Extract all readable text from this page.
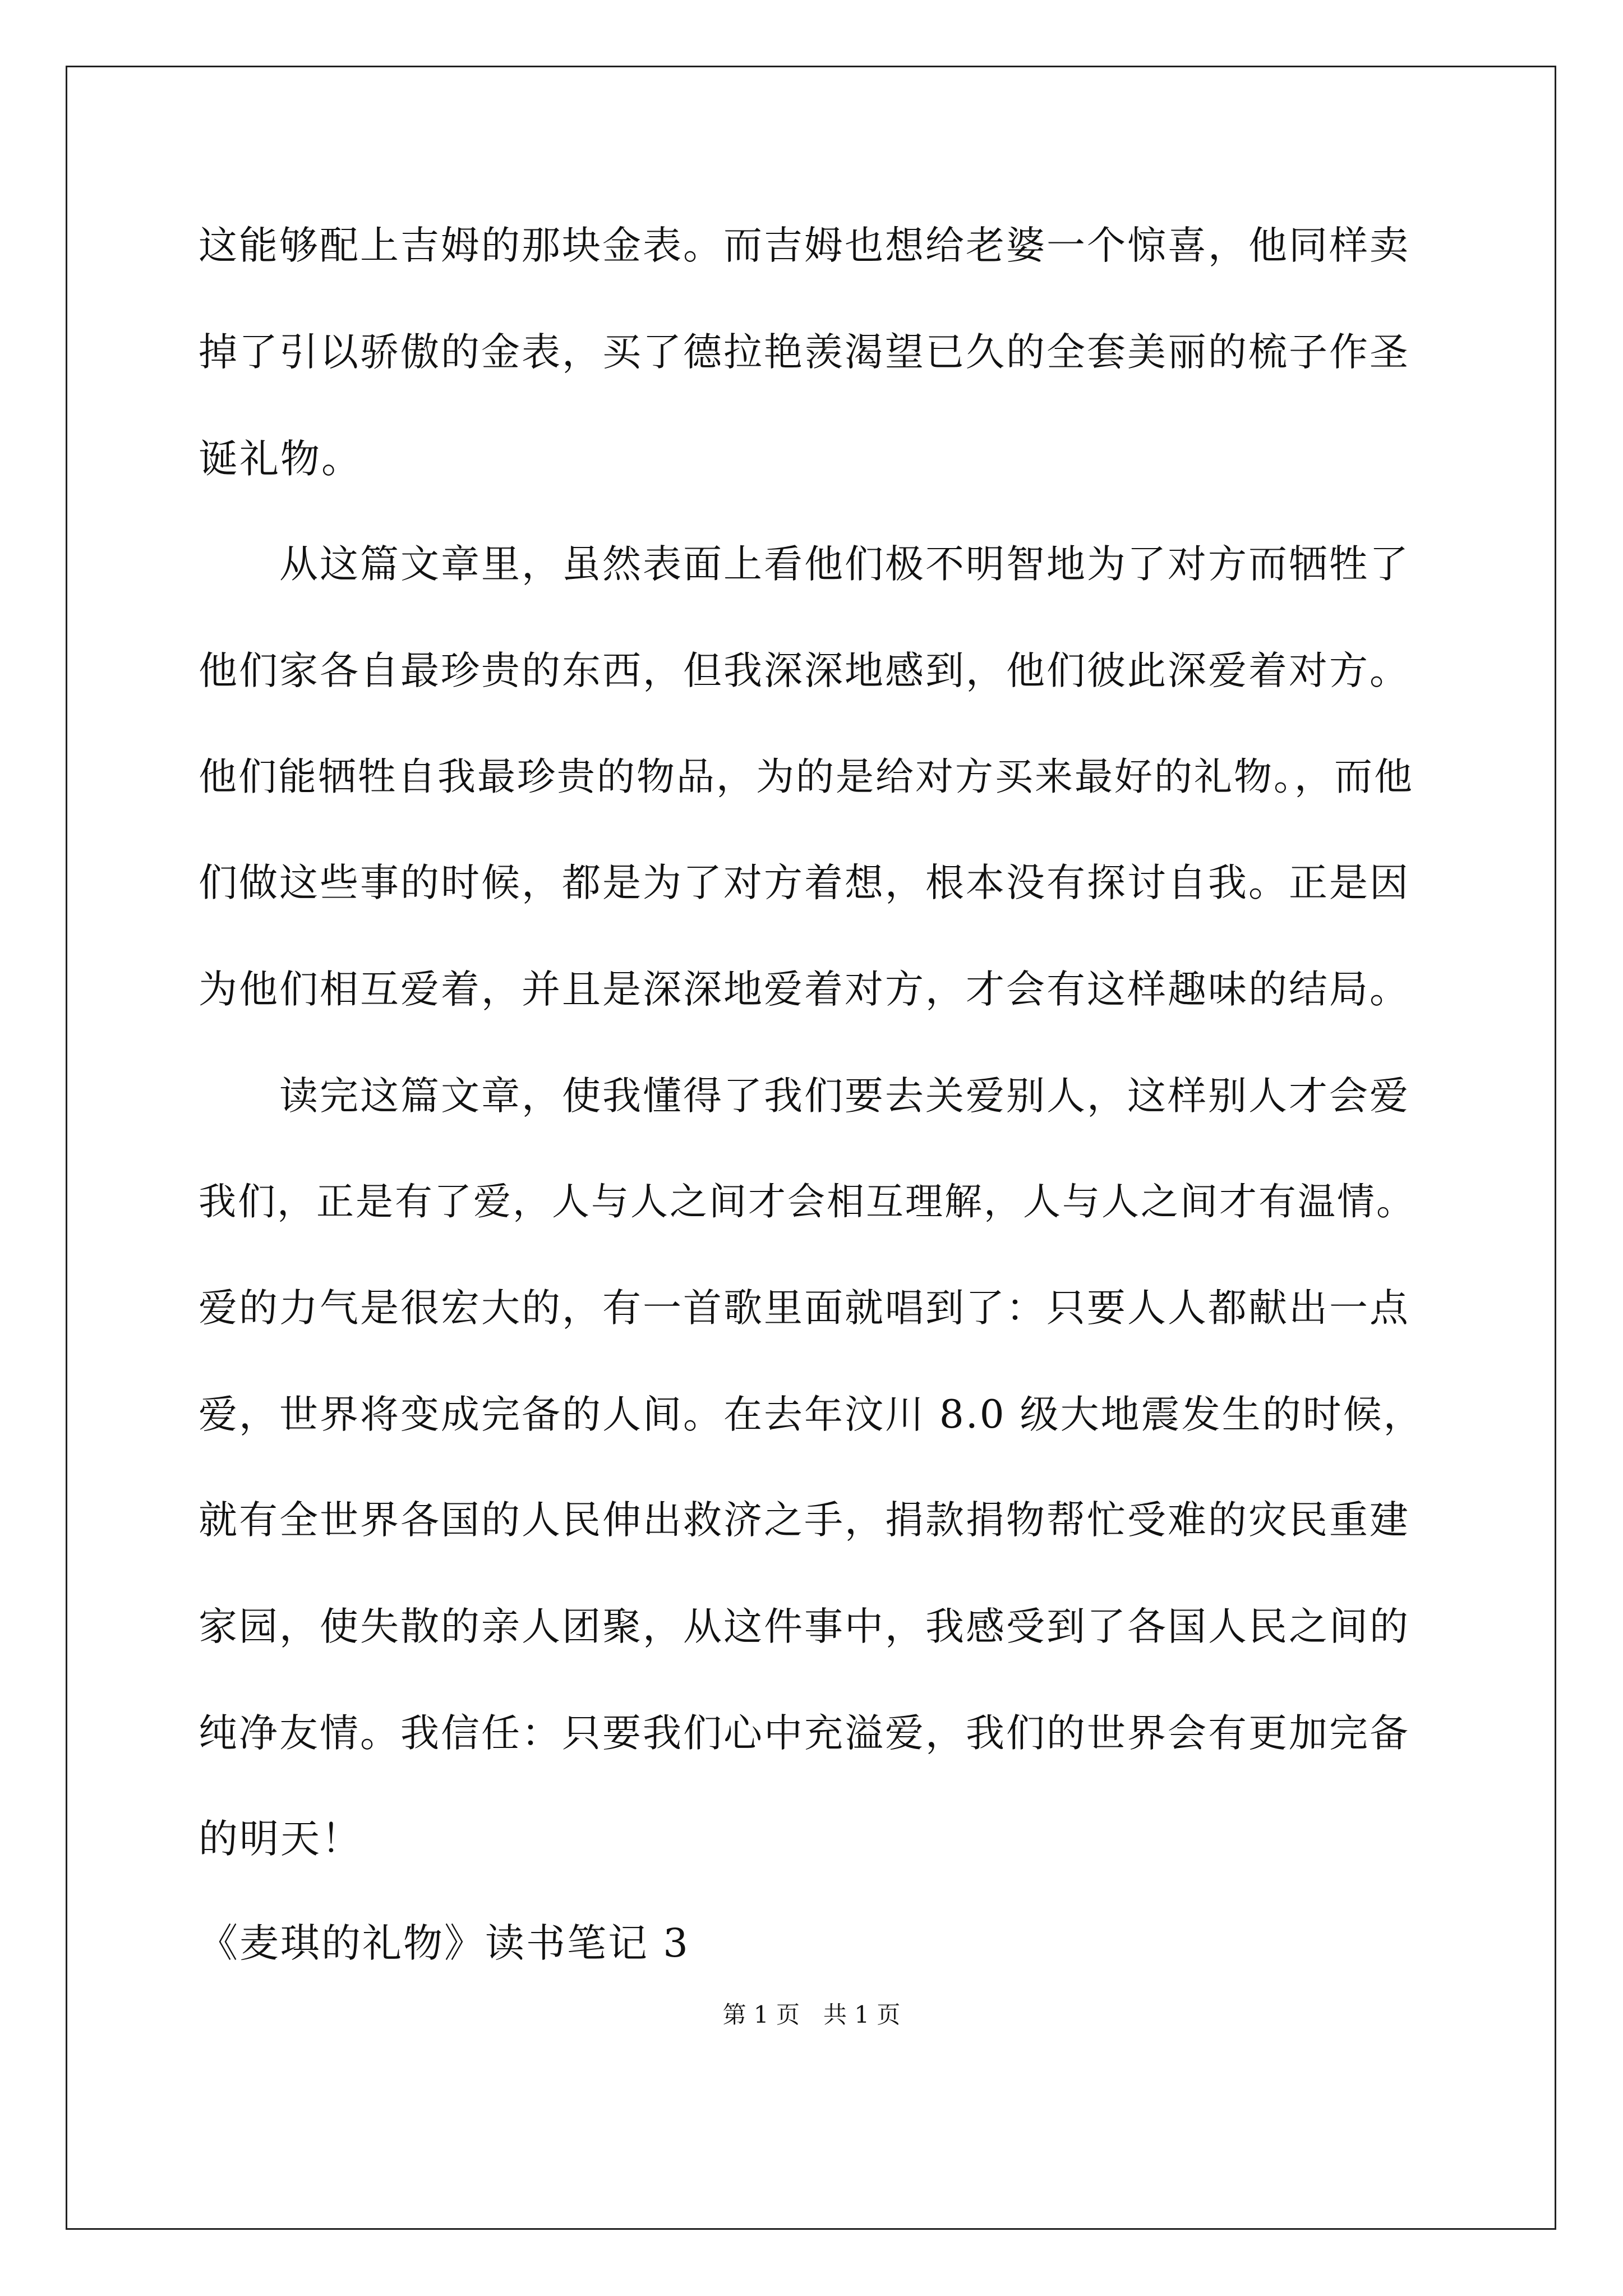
这能够配上吉姆的那块金表。而吉姆也想给老婆一个惊喜，他同样卖

掉了引以骄傲的金表，买了德拉艳羡渴望已久的全套美丽的梳子作圣

诞礼物。

　　从这篇文章里，虽然表面上看他们极不明智地为了对方而牺牲了

他们家各自最珍贵的东西，但我深深地感到，他们彼此深爱着对方。

他们能牺牲自我最珍贵的物品，为的是给对方买来最好的礼物。，而他

们做这些事的时候，都是为了对方着想，根本没有探讨自我。正是因

为他们相互爱着，并且是深深地爱着对方，才会有这样趣味的结局。

　　读完这篇文章，使我懂得了我们要去关爱别人，这样别人才会爱

我们，正是有了爱，人与人之间才会相互理解，人与人之间才有温情。

爱的力气是很宏大的，有一首歌里面就唱到了：只要人人都献出一点

爱，世界将变成完备的人间。在去年汶川 8.0 级大地震发生的时候，

就有全世界各国的人民伸出救济之手，捐款捐物帮忙受难的灾民重建

家园，使失散的亲人团聚，从这件事中，我感受到了各国人民之间的

纯净友情。我信任：只要我们心中充溢爱，我们的世界会有更加完备

的明天！

《麦琪的礼物》读书笔记 3

第 1 页　共 1 页
